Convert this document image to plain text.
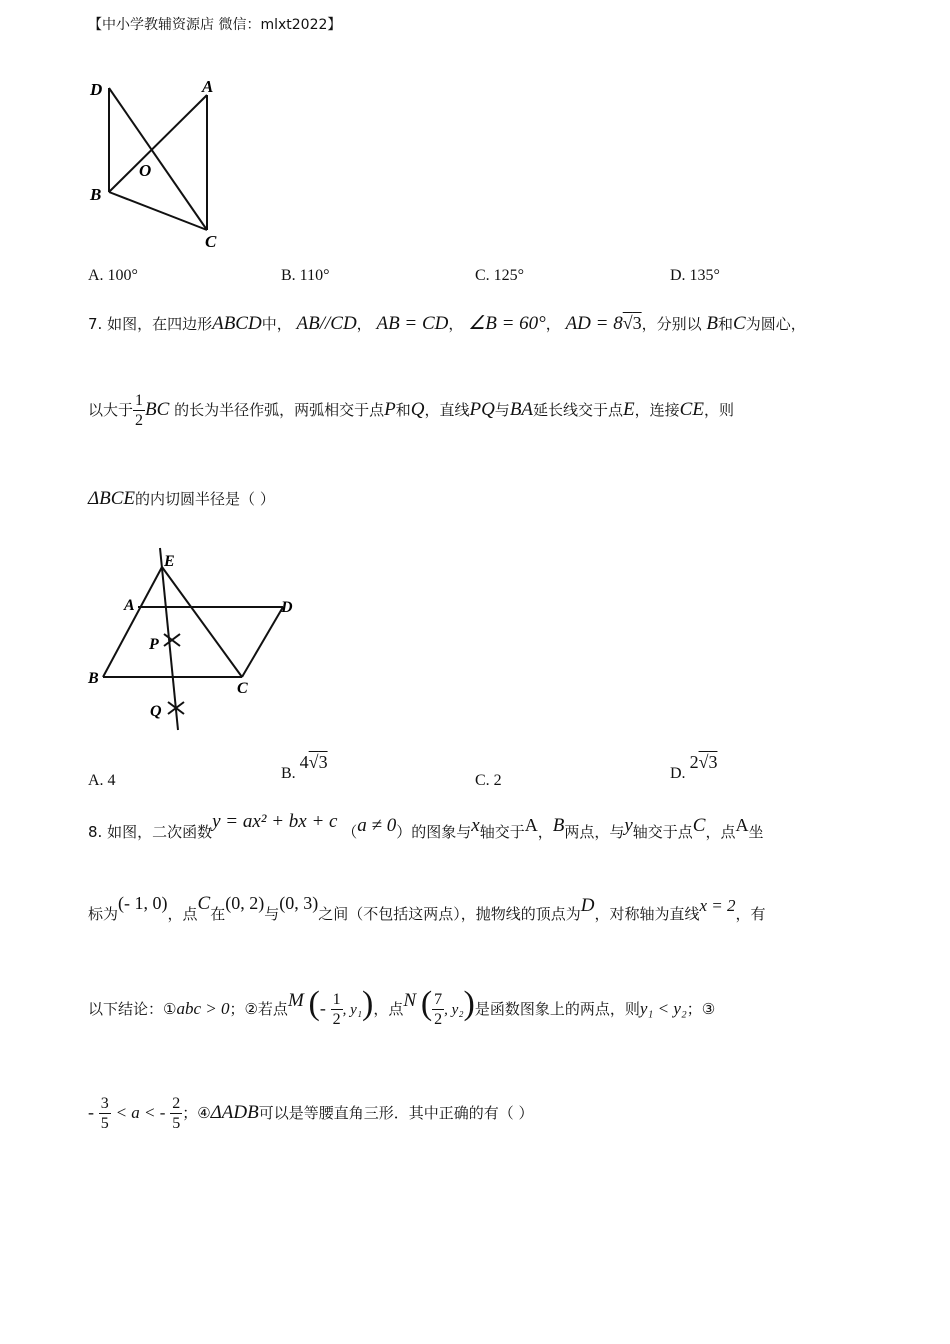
【中小学教辅资源店 微信：mlxt2022】
D	A
O
B
C
A. 100°	B. 110°	C. 125°	D. 135°
7. 如图，在四边形ABCD中， AB//CD， AB = CD， ∠B = 60°， AD = 8√3，分别以 B和C为圆心，
以大于 $\frac{1}{2}$ BC 的长为半径作弧，两弧相交于点P和Q，直线PQ与BA延长线交于点E，连接CE，则
ΔBCE的内切圆半径是（ ）
E
A	D
P
B
C
Q
A. 4	B. 4√3
C. 2	D. 2√3
8. 如图，二次函数y = ax² + bx + c （a ≠ 0）的图象与x轴交于A，B两点，与y轴交于点C，点A坐
标为(- 1, 0)，点C在(0, 2)与(0, 3)之间（不包括这两点），抛物线的顶点为D，对称轴为直线x = 2，有
以下结论：①abc > 0；②若点M (- $\frac{1}{2}$ , y₁)，点N ( $\frac{7}{2}$ , y₂)是函数图象上的两点，则y₁ < y₂；③
- $\frac{3}{5} < a$ < - $\frac{2}{5}$ ；④ΔADB可以是等腰直角三形．其中正确的有（ ）
